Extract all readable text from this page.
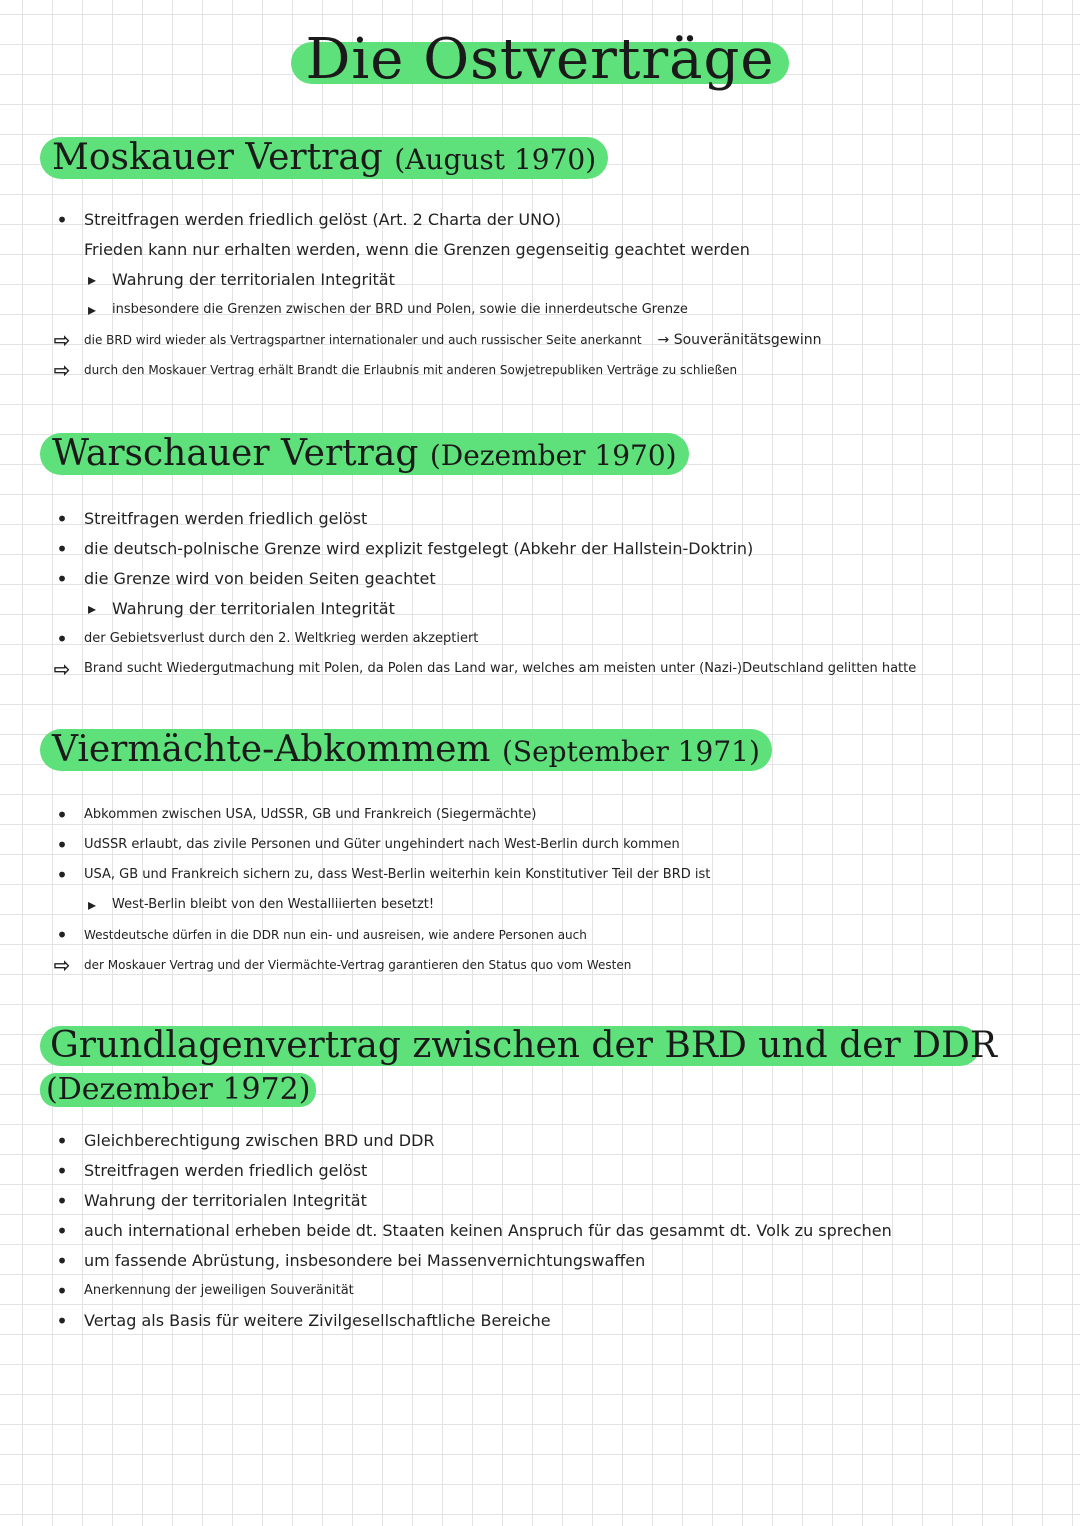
Die Ostverträge
Moskauer Vertrag (August 1970)
•
Streitfragen werden friedlich gelöst (Art. 2 Charta der UNO)
Frieden kann nur erhalten werden, wenn die Grenzen gegenseitig geachtet werden
▸
Wahrung der territorialen Integrität
▸
insbesondere die Grenzen zwischen der BRD und Polen, sowie die innerdeutsche Grenze
⇨
die BRD wird wieder als Vertragspartner internationaler und auch russischer Seite anerkannt → Souveränitätsgewinn
⇨
durch den Moskauer Vertrag erhält Brandt die Erlaubnis mit anderen Sowjetrepubliken Verträge zu schließen
Warschauer Vertrag (Dezember 1970)
•
Streitfragen werden friedlich gelöst
•
die deutsch-polnische Grenze wird explizit festgelegt (Abkehr der Hallstein-Doktrin)
•
die Grenze wird von beiden Seiten geachtet
▸
Wahrung der territorialen Integrität
•
der Gebietsverlust durch den 2. Weltkrieg werden akzeptiert
⇨
Brand sucht Wiedergutmachung mit Polen, da Polen das Land war, welches am meisten unter (Nazi-)Deutschland gelitten hatte
Viermächte-Abkommem (September 1971)
•
Abkommen zwischen USA, UdSSR, GB und Frankreich (Siegermächte)
•
UdSSR erlaubt, das zivile Personen und Güter ungehindert nach West-Berlin durch kommen
•
USA, GB und Frankreich sichern zu, dass West-Berlin weiterhin kein Konstitutiver Teil der BRD ist
▸
West-Berlin bleibt von den Westalliierten besetzt!
•
Westdeutsche dürfen in die DDR nun ein- und ausreisen, wie andere Personen auch
⇨
der Moskauer Vertrag und der Viermächte-Vertrag garantieren den Status quo vom Westen
Grundlagenvertrag zwischen der BRD und der DDR
(Dezember 1972)
•
Gleichberechtigung zwischen BRD und DDR
•
Streitfragen werden friedlich gelöst
•
Wahrung der territorialen Integrität
•
auch international erheben beide dt. Staaten keinen Anspruch für das gesammt dt. Volk zu sprechen
•
um fassende Abrüstung, insbesondere bei Massenvernichtungswaffen
•
Anerkennung der jeweiligen Souveränität
•
Vertag als Basis für weitere Zivilgesellschaftliche Bereiche
